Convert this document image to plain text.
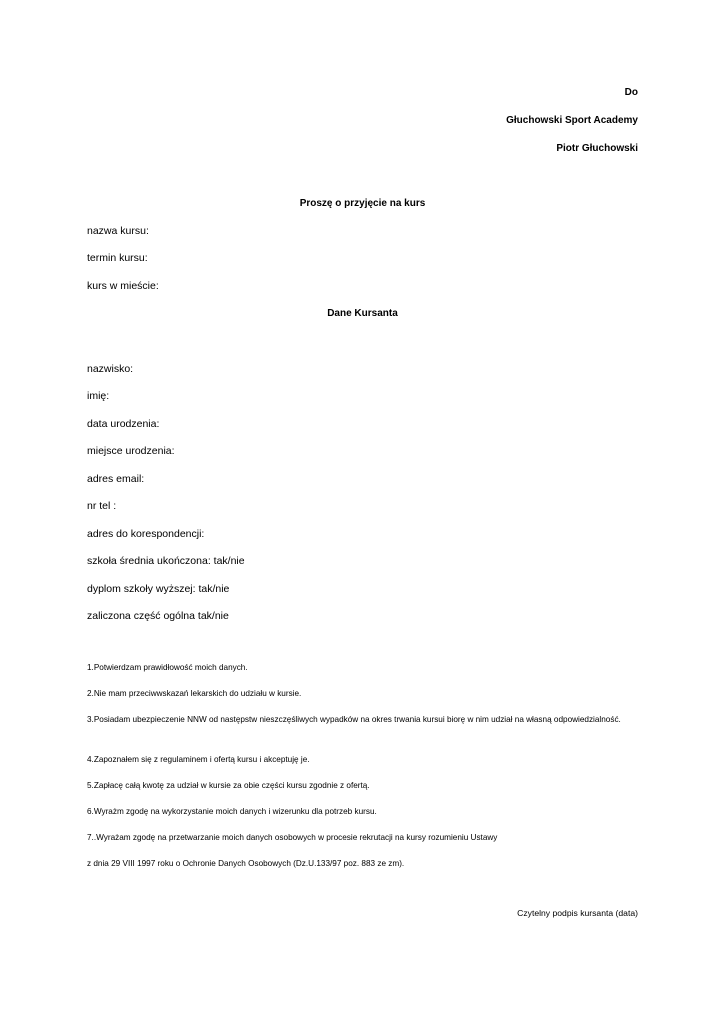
Do
Głuchowski Sport Academy
Piotr Głuchowski
Proszę o przyjęcie na kurs
nazwa kursu:
termin kursu:
kurs w mieście:
Dane Kursanta
nazwisko:
imię:
data urodzenia:
miejsce urodzenia:
adres email:
nr tel :
adres do korespondencji:
szkoła średnia ukończona: tak/nie
dyplom szkoły wyższej: tak/nie
zaliczona część ogólna tak/nie
1.Potwierdzam prawidłowość moich danych.
2.Nie mam przeciwwskazań lekarskich do udziału w kursie.
3.Posiadam ubezpieczenie NNW od następstw nieszczęśliwych wypadków na okres trwania kursui biorę w nim udział na własną odpowiedzialność.
4.Zapoznałem się z regulaminem i ofertą kursu i akceptuję je.
5.Zapłacę całą kwotę za udział w kursie za obie części kursu zgodnie z ofertą.
6.Wyrażm zgodę na wykorzystanie moich danych i wizerunku dla potrzeb kursu.
7..Wyrażam zgodę na przetwarzanie moich danych osobowych w procesie rekrutacji na kursy rozumieniu Ustawy
z dnia 29 VIII 1997 roku o Ochronie Danych Osobowych (Dz.U.133/97 poz. 883 ze zm).
Czytelny podpis kursanta (data)
